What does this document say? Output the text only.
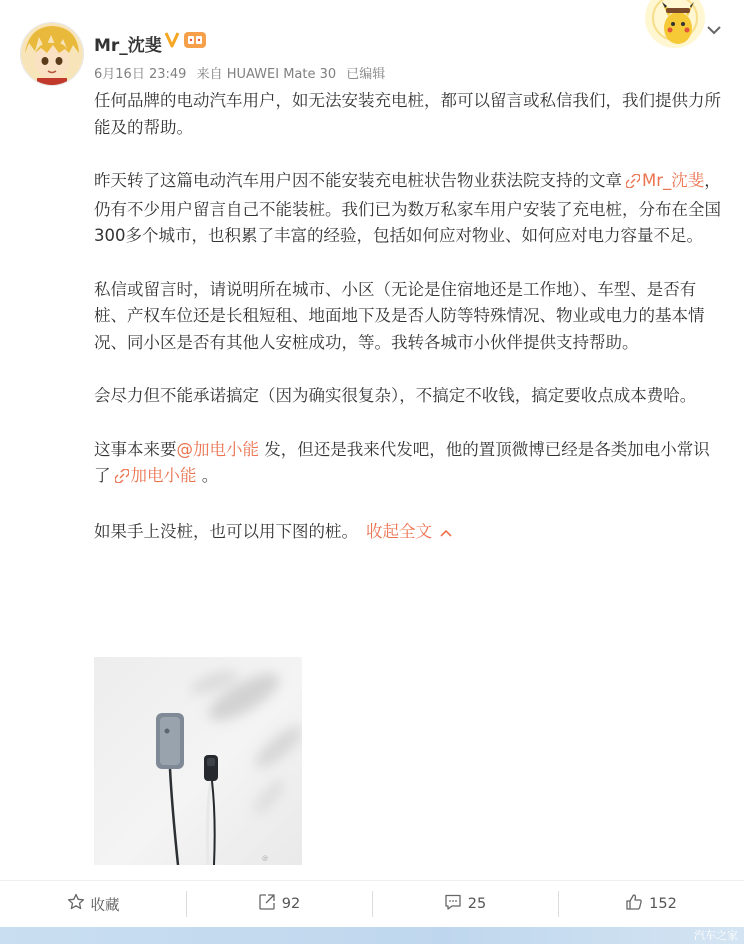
Mr_沈斐
6月16日 23:49 来自 HUAWEI Mate 30 已编辑

任何品牌的电动汽车用户，如无法安装充电桩，都可以留言或私信我们，我们提供力所能及的帮助。

昨天转了这篇电动汽车用户因不能安装充电桩状告物业获法院支持的文章 Mr_沈斐，仍有不少用户留言自己不能装桩。我们已为数万私家车用户安装了充电桩，分布在全国300多个城市，也积累了丰富的经验，包括如何应对物业、如何应对电力容量不足。

私信或留言时，请说明所在城市、小区（无论是住宿地还是工作地）、车型、是否有桩、产权车位还是长租短租、地面地下及是否人防等特殊情况、物业或电力的基本情况、同小区是否有其他人安桩成功，等。我转各城市小伙伴提供支持帮助。

会尽力但不能承诺搞定（因为确实很复杂），不搞定不收钱，搞定要收点成本费哈。

这事本来要@加电小能 发，但还是我来代发吧，他的置顶微博已经是各类加电小常识了 加电小能 。

如果手上没桩，也可以用下图的桩。 收起全文

@
收藏	92	25	152
汽车之家
